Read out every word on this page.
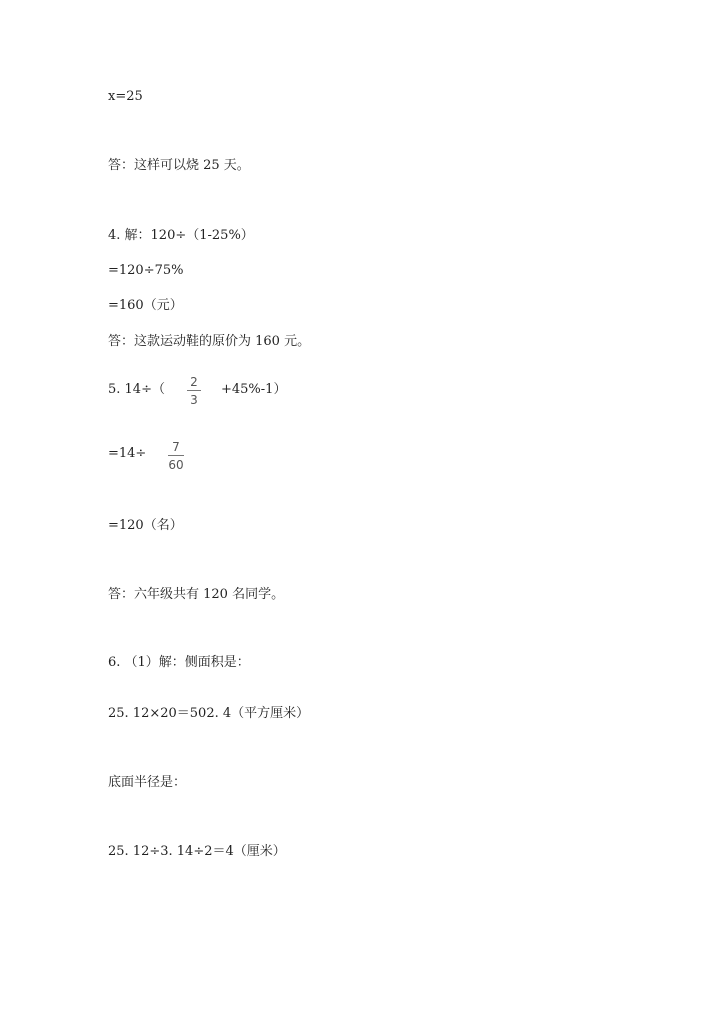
x=25
答：这样可以烧 25 天。
4. 解：120÷（1-25%）
=120÷75%
=160（元）
答：这款运动鞋的原价为 160 元。
5. 14÷（ 2
3
+45%-1）
=14÷ 7
60
=120（名）
答：六年级共有 120 名同学。
6. （1）解：侧面积是：
25. 12×20＝502. 4（平方厘米）
底面半径是：
25. 12÷3. 14÷2＝4（厘米）
